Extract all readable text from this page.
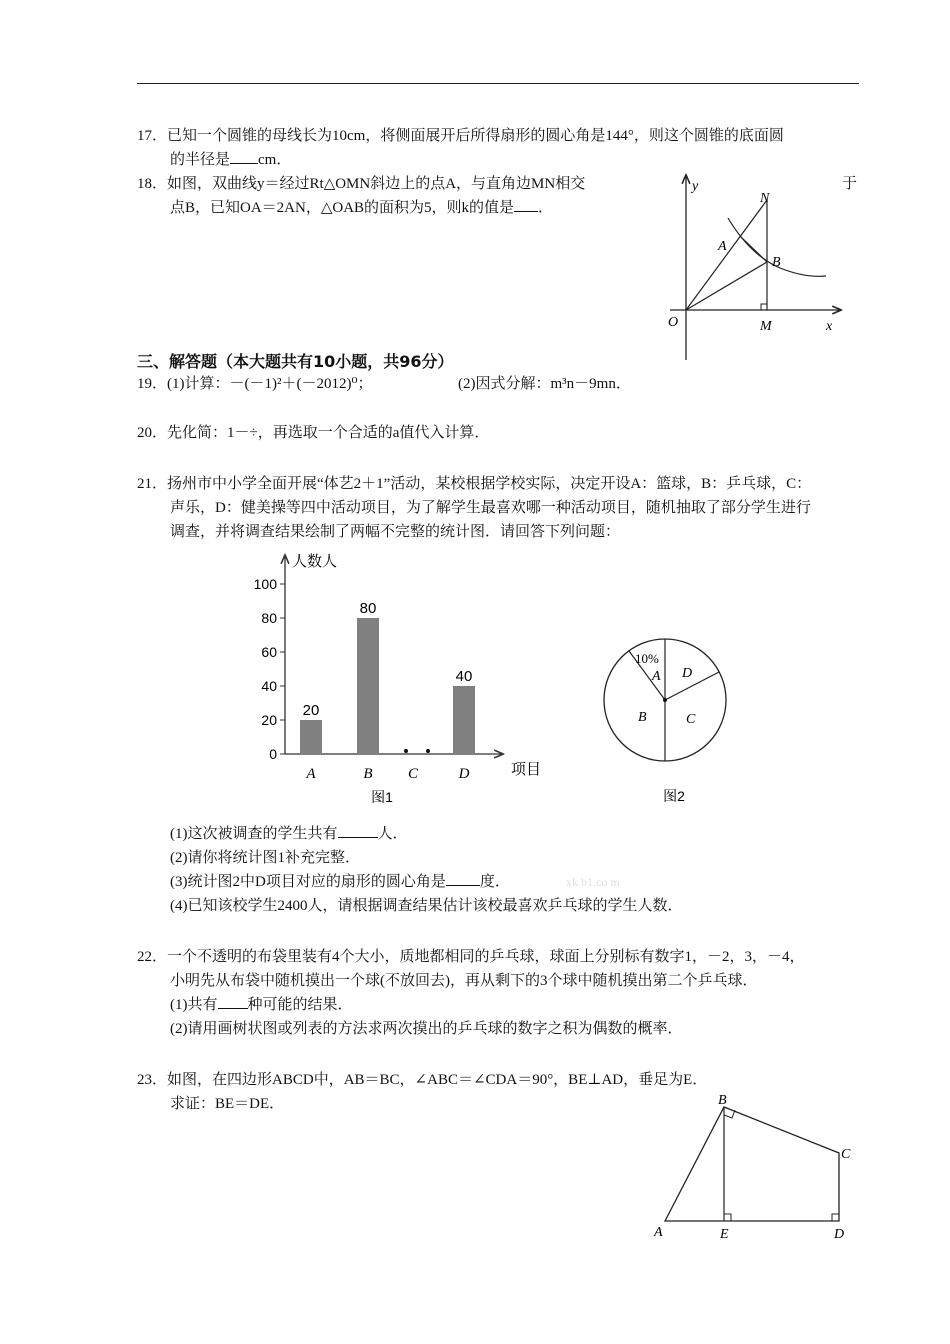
17．已知一个圆锥的母线长为10cm，将侧面展开后所得扇形的圆心角是144°，则这个圆锥的底面圆
的半径是 cm．
18．如图，双曲线y＝经过Rt△OMN斜边上的点A，与直角边MN相交	于
点B，已知OA＝2AN，△OAB的面积为5，则k的值是 ．
y
x
O
N
A
B
M
三、解答题（本大题共有10小题，共96分）
19．(1)计算：－(－1)²＋(－2012)⁰；	(2)因式分解：m³n－9mn．
20．先化简：1－÷，再选取一个合适的a值代入计算．
21．扬州市中小学全面开展“体艺2＋1”活动，某校根据学校实际，决定开设A：篮球，B：乒乓球，C：
声乐，D：健美操等四中活动项目，为了解学生最喜欢哪一种活动项目，随机抽取了部分学生进行
调查，并将调查结果绘制了两幅不完整的统计图．请回答下列问题：
人数人
项目
0
20
40
60
80
100
20
A
80
B C
40
D
图1
10%
A D
B	C
图2
(1)这次被调查的学生共有	人．
(2)请你将统计图1补充完整．
(3)统计图2中D项目对应的扇形的圆心角是 度．	xk b1.co m
(4)已知该校学生2400人，请根据调查结果估计该校最喜欢乒乓球的学生人数．
22．一个不透明的布袋里装有4个大小，质地都相同的乒乓球，球面上分别标有数字1，－2，3，－4，
小明先从布袋中随机摸出一个球(不放回去)，再从剩下的3个球中随机摸出第二个乒乓球．
(1)共有 种可能的结果．
(2)请用画树状图或列表的方法求两次摸出的乒乓球的数字之积为偶数的概率．
23．如图，在四边形ABCD中，AB＝BC，∠ABC＝∠CDA＝90°，BE⊥AD，垂足为E．
求证：BE＝DE．	B
C
A	E	D
